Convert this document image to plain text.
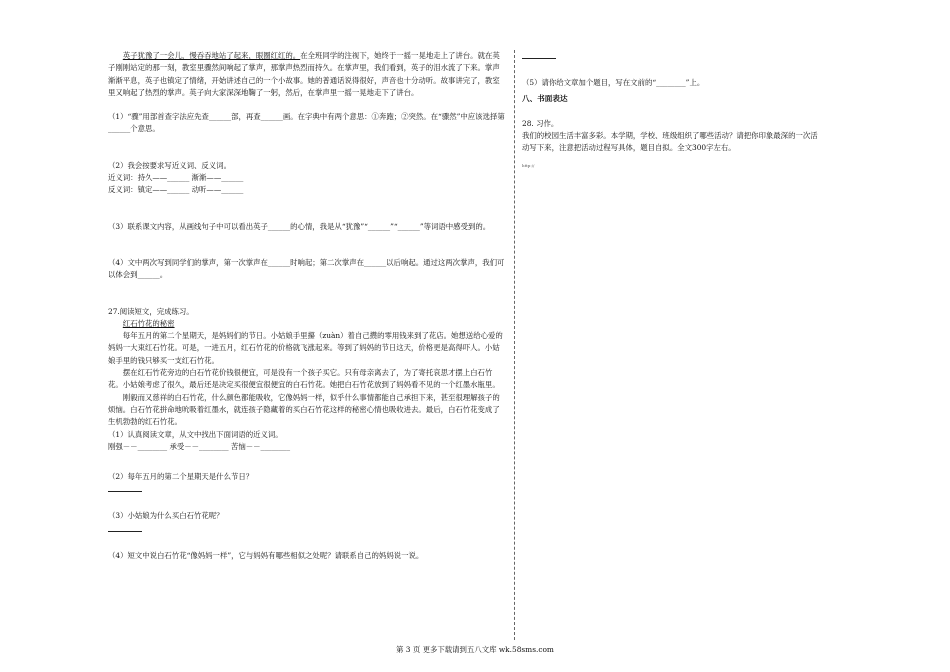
英子犹豫了一会儿，慢吞吞地站了起来，眼圈红红的。在全班同学的注视下，她终于一摇一晃地走上了讲台。就在英子刚刚站定的那一刻，教室里骤然间响起了掌声，那掌声热烈而持久。在掌声里，我们看到，英子的泪水流了下来。掌声渐渐平息，英子也镇定了情绪，开始讲述自己的一个小故事。她的普通话说得很好，声音也十分动听。故事讲完了，教室里又响起了热烈的掌声。英子向大家深深地鞠了一躬，然后，在掌声里一摇一晃地走下了讲台。

（1）“骤”用部首查字法应先查______部，再查______画。在字典中有两个意思：①奔跑；②突然。在“骤然”中应该选择第______个意思。

（2）我会按要求写近义词、反义词。

近义词：持久——______ 渐渐——______

反义词：镇定——______ 动听——______

（3）联系课文内容，从画线句子中可以看出英子______的心情，我是从“犹豫”“______”“______”等词语中感受到的。

（4）文中两次写到同学们的掌声，第一次掌声在______时响起；第二次掌声在______以后响起。通过这两次掌声，我们可以体会到______。

27.阅读短文，完成练习。

红石竹花的秘密

每年五月的第二个星期天，是妈妈们的节日。小姑娘手里攥（zuàn）着自己攒的零用钱来到了花店。她想送给心爱的妈妈一大束红石竹花。可是，一进五月，红石竹花的价格就飞涨起来。等到了妈妈的节日这天，价格更是高得吓人。小姑娘手里的钱只够买一支红石竹花。

摆在红石竹花旁边的白石竹花价钱很便宜，可是没有一个孩子买它。只有母亲离去了，为了寄托哀思才摆上白石竹花。小姑娘考虑了很久，最后还是决定买很便宜很便宜的白石竹花。她把白石竹花放到了妈妈看不见的一个红墨水瓶里。

刚毅而又慈祥的白石竹花，什么颜色都能吸收，它像妈妈一样，似乎什么事情都能自己承担下来，甚至很理解孩子的烦恼。白石竹花拼命地吮吸着红墨水，就连孩子隐藏着的买白石竹花这样的秘密心情也吸收进去。最后，白石竹花变成了生机勃勃的红石竹花。

（1）认真阅读文章，从文中找出下面词语的近义词。

刚强－－________ 承受－－________ 苦恼－－________

（2）每年五月的第二个星期天是什么节日？

（3）小姑娘为什么买白石竹花呢？

（4）短文中说白石竹花“像妈妈一样”，它与妈妈有哪些相似之处呢？请联系自己的妈妈说一说。

（5）请你给文章加个题目，写在文前的“________”上。

八、书面表达

28. 习作。

我们的校园生活丰富多彩。本学期，学校、班级组织了哪些活动？请把你印象最深的一次活动写下来，注意把活动过程写具体，题目自拟。全文300字左右。

http://

第 3 页 更多下载请到五八文库 wk.58sms.com
